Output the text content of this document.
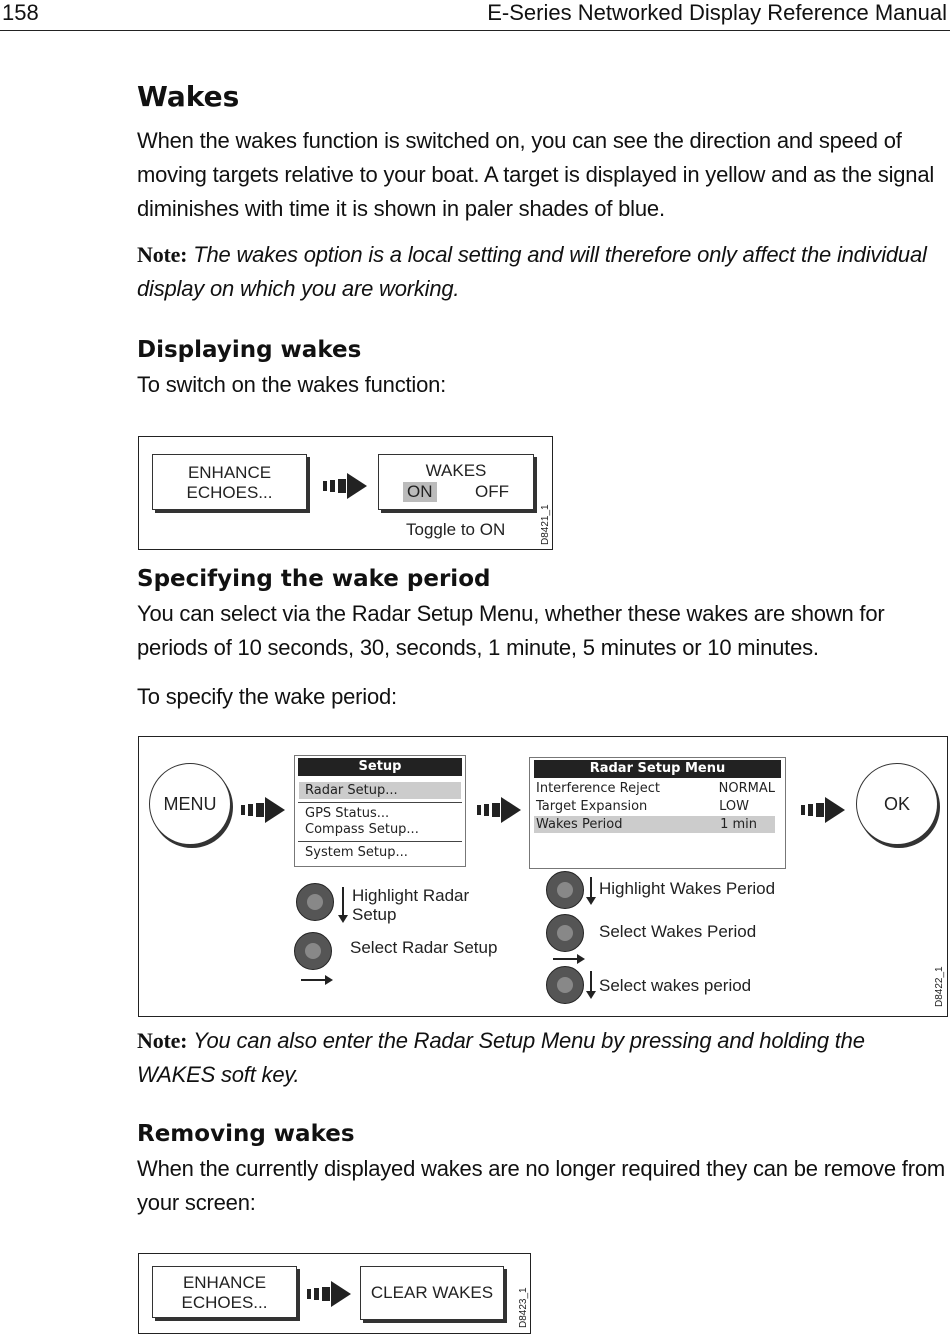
158	E-Series Networked Display Reference Manual
Wakes
When the wakes function is switched on, you can see the direction and speed of moving targets relative to your boat. A target is displayed in yellow and as the signal diminishes with time it is shown in paler shades of blue.
Note: The wakes option is a local setting and will therefore only affect the individual display on which you are working.
Displaying wakes
To switch on the wakes function:
ENHANCE
ECHOES...
WAKES
ON	OFF
Toggle to ON	D8421_1
Specifying the wake period
You can select via the Radar Setup Menu, whether these wakes are shown for periods of 10 seconds, 30, seconds, 1 minute, 5 minutes or 10 minutes.
To specify the wake period:
MENU
Setup
Radar Setup...
GPS Status...
Compass Setup...
System Setup...
Radar Setup Menu
Interference Reject	NORMAL
Target Expansion	LOW
Wakes Period	1 min
OK
Highlight Radar
Setup
Select Radar Setup
Highlight Wakes Period
Select Wakes Period
Select wakes period	D8422_1
Note: You can also enter the Radar Setup Menu by pressing and holding the WAKES soft key.
Removing wakes
When the currently displayed wakes are no longer required they can be remove from your screen:
ENHANCE
ECHOES...
CLEAR WAKES	D8423_1
